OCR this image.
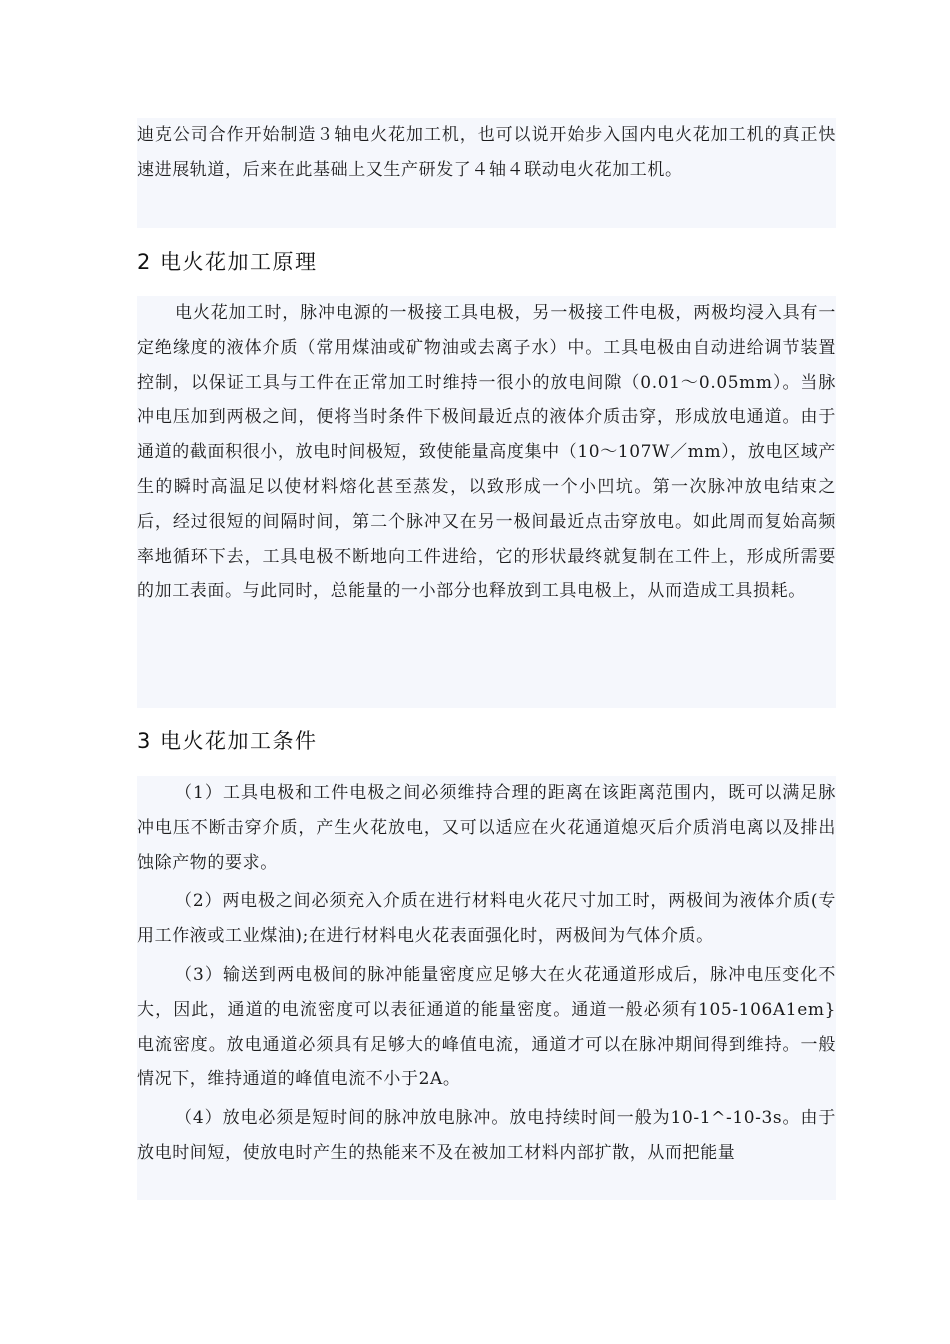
迪克公司合作开始制造３轴电火花加工机，也可以说开始步入国内电火花加工机的真正快速进展轨道，后来在此基础上又生产研发了４轴４联动电火花加工机。

2 电火花加工原理

电火花加工时，脉冲电源的一极接工具电极，另一极接工件电极，两极均浸入具有一定绝缘度的液体介质（常用煤油或矿物油或去离子水）中。工具电极由自动进给调节装置控制，以保证工具与工件在正常加工时维持一很小的放电间隙（0.01～0.05mm）。当脉冲电压加到两极之间，便将当时条件下极间最近点的液体介质击穿，形成放电通道。由于通道的截面积很小，放电时间极短，致使能量高度集中（10～107W／mm），放电区域产生的瞬时高温足以使材料熔化甚至蒸发，以致形成一个小凹坑。第一次脉冲放电结束之后，经过很短的间隔时间，第二个脉冲又在另一极间最近点击穿放电。如此周而复始高频率地循环下去，工具电极不断地向工件进给，它的形状最终就复制在工件上，形成所需要的加工表面。与此同时，总能量的一小部分也释放到工具电极上，从而造成工具损耗。

3 电火花加工条件

（1）工具电极和工件电极之间必须维持合理的距离在该距离范围内，既可以满足脉冲电压不断击穿介质，产生火花放电，又可以适应在火花通道熄灭后介质消电离以及排出蚀除产物的要求。

（2）两电极之间必须充入介质在进行材料电火花尺寸加工时，两极间为液体介质(专用工作液或工业煤油);在进行材料电火花表面强化时，两极间为气体介质。

（3）输送到两电极间的脉冲能量密度应足够大在火花通道形成后，脉冲电压变化不大，因此，通道的电流密度可以表征通道的能量密度。通道一般必须有105-106A1em}电流密度。放电通道必须具有足够大的峰值电流，通道才可以在脉冲期间得到维持。一般情况下，维持通道的峰值电流不小于2A。

（4）放电必须是短时间的脉冲放电脉冲。放电持续时间一般为10-1^-10-3s。由于放电时间短，使放电时产生的热能来不及在被加工材料内部扩散，从而把能量
